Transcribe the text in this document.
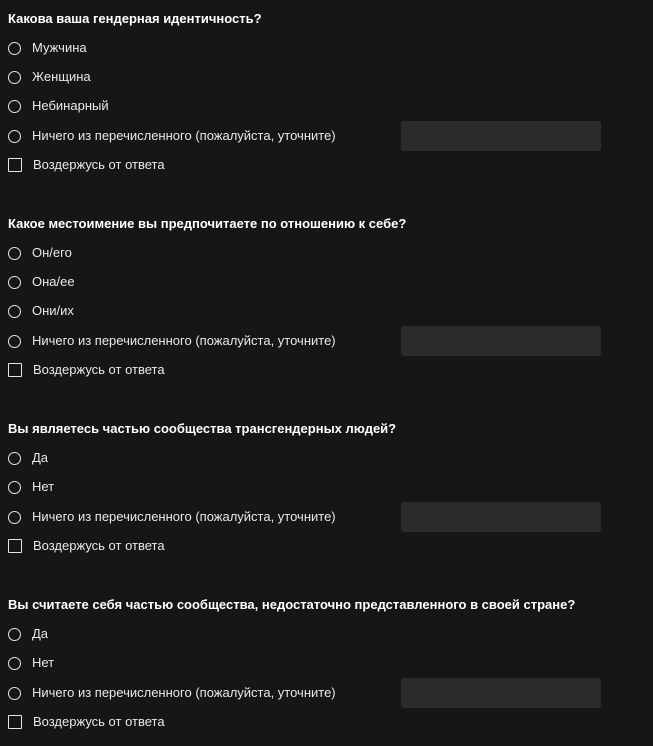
Какова ваша гендерная идентичность?
Мужчина
Женщина
Небинарный
Ничего из перечисленного (пожалуйста, уточните)
Воздержусь от ответа
Какое местоимение вы предпочитаете по отношению к себе?
Он/его
Она/ее
Они/их
Ничего из перечисленного (пожалуйста, уточните)
Воздержусь от ответа
Вы являетесь частью сообщества трансгендерных людей?
Да
Нет
Ничего из перечисленного (пожалуйста, уточните)
Воздержусь от ответа
Вы считаете себя частью сообщества, недостаточно представленного в своей стране?
Да
Нет
Ничего из перечисленного (пожалуйста, уточните)
Воздержусь от ответа
